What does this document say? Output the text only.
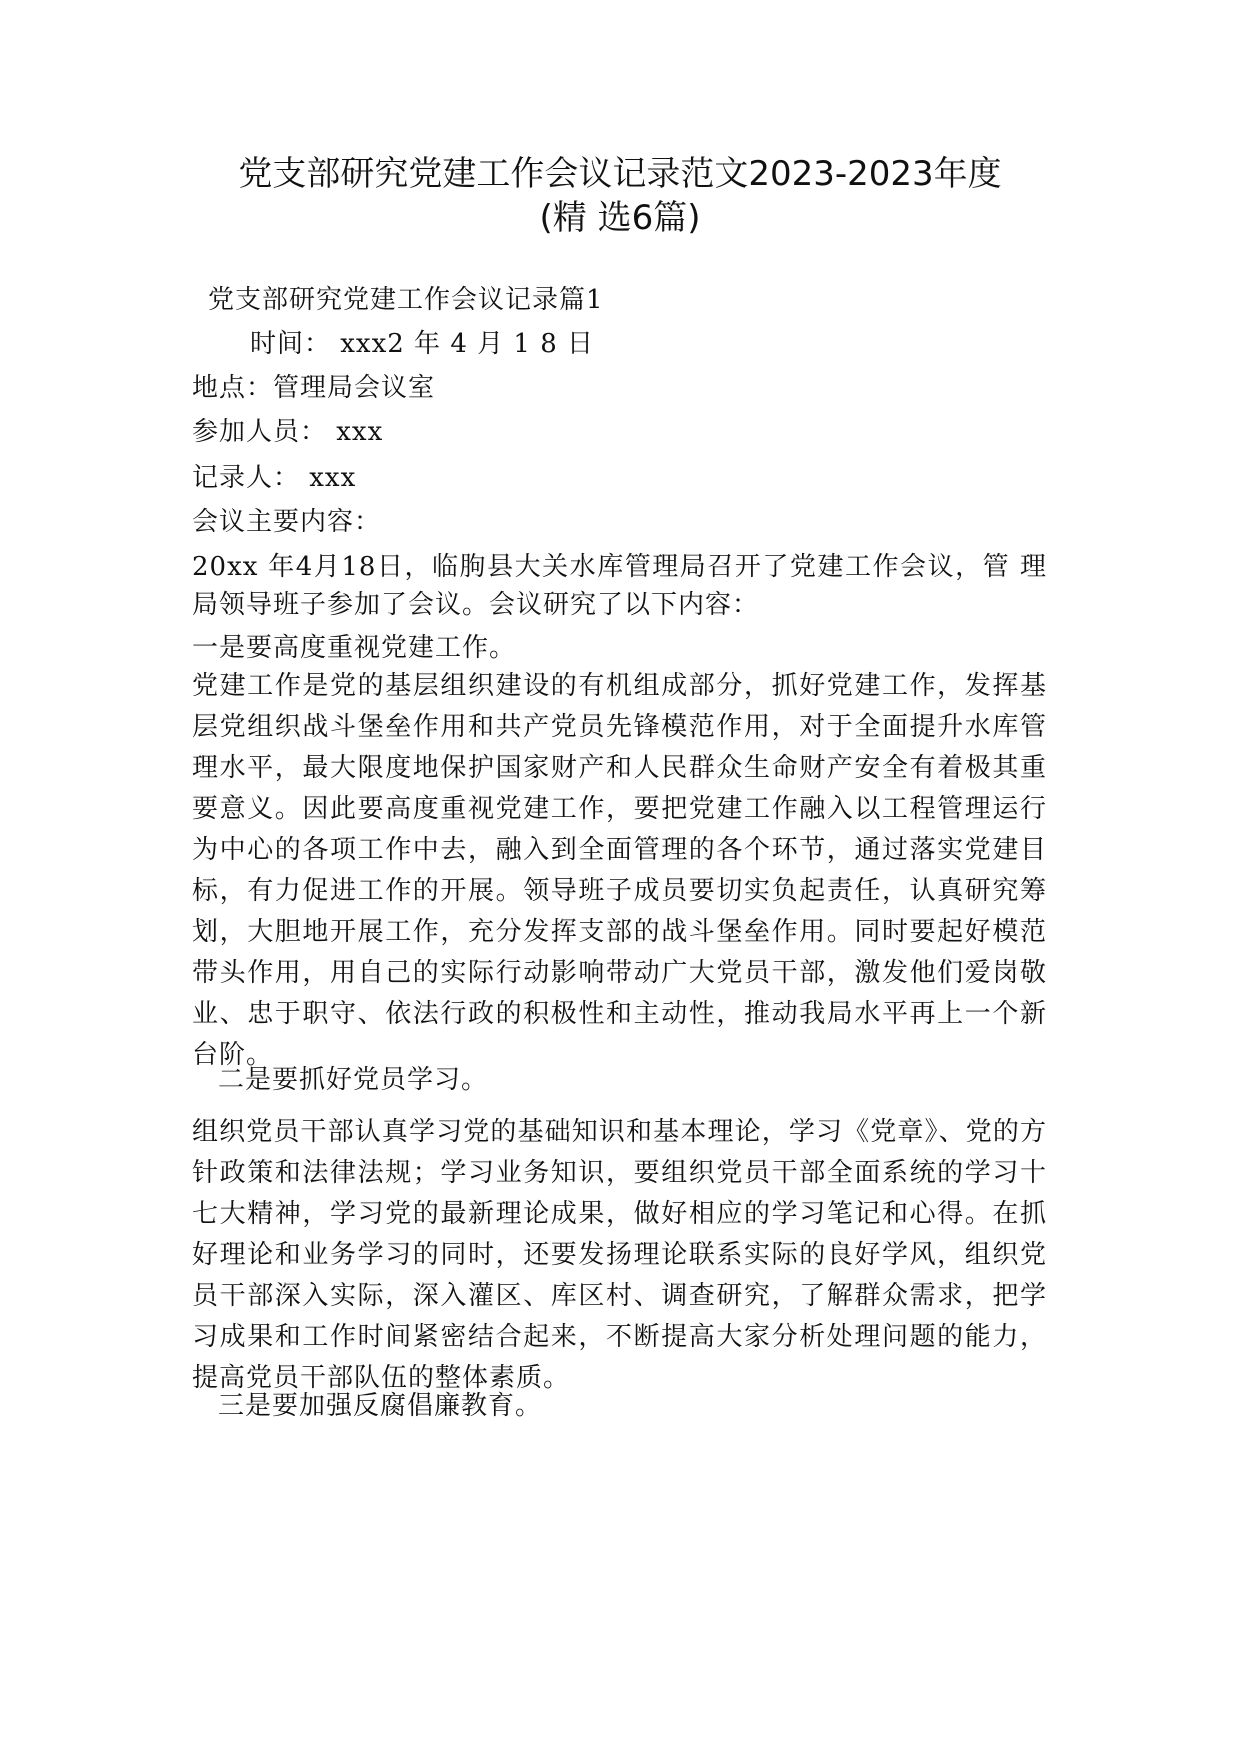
党支部研究党建工作会议记录范文2023-2023年度
(精 选6篇)
党支部研究党建工作会议记录篇1
时间： xxx2 年 4 月 1 8 日
地点：管理局会议室
参加人员： xxx
记录人： xxx
会议主要内容：
20xx 年4月18日，临朐县大关水库管理局召开了党建工作会议，管 理局领导班子参加了会议。会议研究了以下内容：
一是要高度重视党建工作。
党建工作是党的基层组织建设的有机组成部分，抓好党建工作，发挥基层党组织战斗堡垒作用和共产党员先锋模范作用，对于全面提升水库管理水平，最大限度地保护国家财产和人民群众生命财产安全有着极其重要意义。因此要高度重视党建工作，要把党建工作融入以工程管理运行为中心的各项工作中去，融入到全面管理的各个环节，通过落实党建目标，有力促进工作的开展。领导班子成员要切实负起责任，认真研究筹划，大胆地开展工作，充分发挥支部的战斗堡垒作用。同时要起好模范带头作用，用自己的实际行动影响带动广大党员干部，激发他们爱岗敬业、忠于职守、依法行政的积极性和主动性，推动我局水平再上一个新台阶。
二是要抓好党员学习。
组织党员干部认真学习党的基础知识和基本理论，学习《党章》、党的方针政策和法律法规；学习业务知识，要组织党员干部全面系统的学习十七大精神，学习党的最新理论成果，做好相应的学习笔记和心得。在抓好理论和业务学习的同时，还要发扬理论联系实际的良好学风，组织党员干部深入实际，深入灌区、库区村、调查研究，了解群众需求，把学习成果和工作时间紧密结合起来，不断提高大家分析处理问题的能力，提高党员干部队伍的整体素质。
三是要加强反腐倡廉教育。
